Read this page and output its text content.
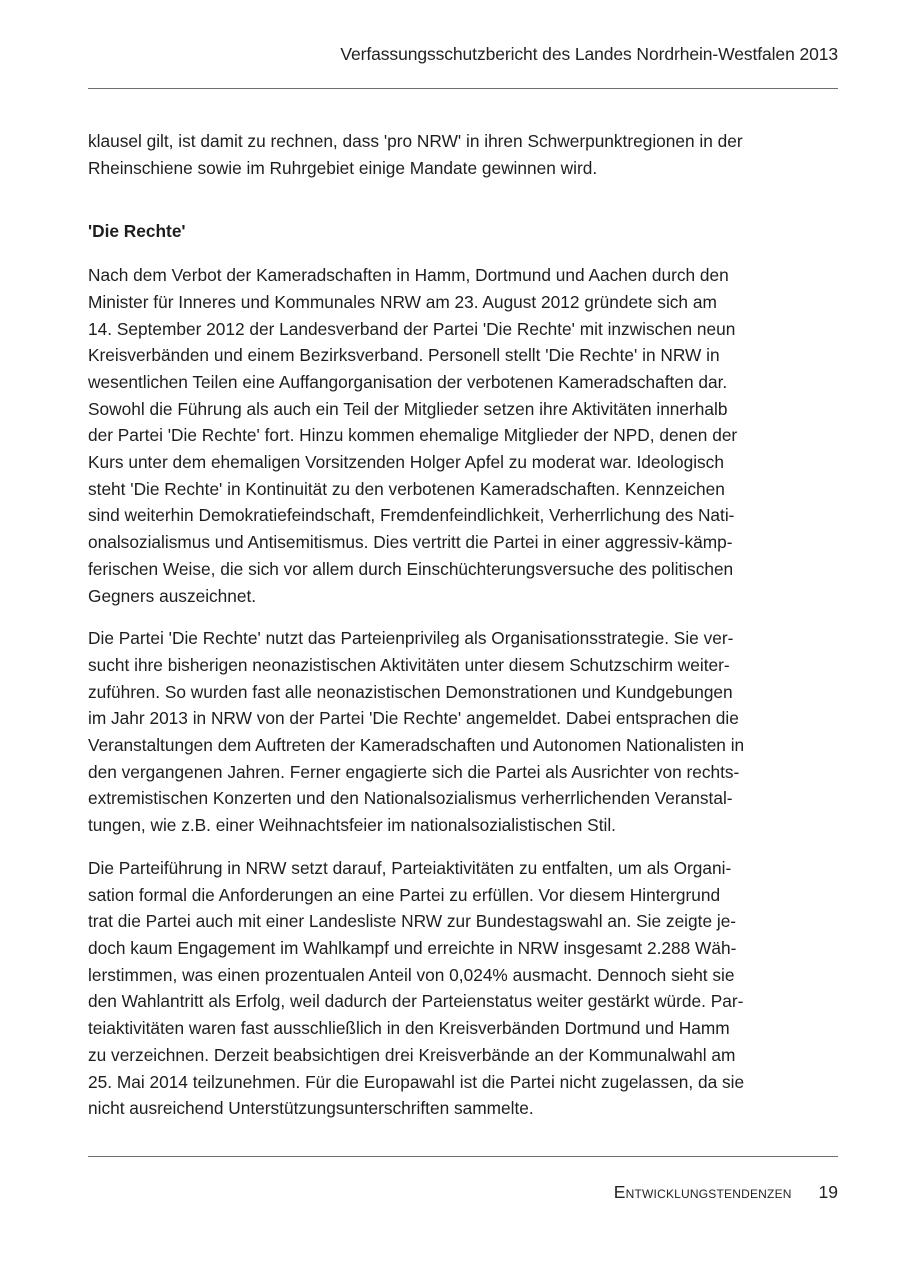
Verfassungsschutzbericht des Landes Nordrhein-Westfalen 2013

klausel gilt, ist damit zu rechnen, dass 'pro NRW' in ihren Schwerpunktregionen in der
Rheinschiene sowie im Ruhrgebiet einige Mandate gewinnen wird.

'Die Rechte'

Nach dem Verbot der Kameradschaften in Hamm, Dortmund und Aachen durch den
Minister für Inneres und Kommunales NRW am 23. August 2012 gründete sich am
14. September 2012 der Landesverband der Partei 'Die Rechte' mit inzwischen neun
Kreisverbänden und einem Bezirksverband. Personell stellt 'Die Rechte' in NRW in
wesentlichen Teilen eine Auffangorganisation der verbotenen Kameradschaften dar.
Sowohl die Führung als auch ein Teil der Mitglieder setzen ihre Aktivitäten innerhalb
der Partei 'Die Rechte' fort. Hinzu kommen ehemalige Mitglieder der NPD, denen der
Kurs unter dem ehemaligen Vorsitzenden Holger Apfel zu moderat war. Ideologisch
steht 'Die Rechte' in Kontinuität zu den verbotenen Kameradschaften. Kennzeichen
sind weiterhin Demokratiefeindschaft, Fremdenfeindlichkeit, Verherrlichung des Nati-
onalsozialismus und Antisemitismus. Dies vertritt die Partei in einer aggressiv-kämp-
ferischen Weise, die sich vor allem durch Einschüchterungsversuche des politischen
Gegners auszeichnet.

Die Partei 'Die Rechte' nutzt das Parteienprivileg als Organisationsstrategie. Sie ver-
sucht ihre bisherigen neonazistischen Aktivitäten unter diesem Schutzschirm weiter-
zuführen. So wurden fast alle neonazistischen Demonstrationen und Kundgebungen
im Jahr 2013 in NRW von der Partei 'Die Rechte' angemeldet. Dabei entsprachen die
Veranstaltungen dem Auftreten der Kameradschaften und Autonomen Nationalisten in
den vergangenen Jahren. Ferner engagierte sich die Partei als Ausrichter von rechts-
extremistischen Konzerten und den Nationalsozialismus verherrlichenden Veranstal-
tungen, wie z.B. einer Weihnachtsfeier im nationalsozialistischen Stil.

Die Parteiführung in NRW setzt darauf, Parteiaktivitäten zu entfalten, um als Organi-
sation formal die Anforderungen an eine Partei zu erfüllen. Vor diesem Hintergrund
trat die Partei auch mit einer Landesliste NRW zur Bundestagswahl an. Sie zeigte je-
doch kaum Engagement im Wahlkampf und erreichte in NRW insgesamt 2.288 Wäh-
lerstimmen, was einen prozentualen Anteil von 0,024% ausmacht. Dennoch sieht sie
den Wahlantritt als Erfolg, weil dadurch der Parteienstatus weiter gestärkt würde. Par-
teiaktivitäten waren fast ausschließlich in den Kreisverbänden Dortmund und Hamm
zu verzeichnen. Derzeit beabsichtigen drei Kreisverbände an der Kommunalwahl am
25. Mai 2014 teilzunehmen. Für die Europawahl ist die Partei nicht zugelassen, da sie
nicht ausreichend Unterstützungsunterschriften sammelte.

Entwicklungstendenzen 19
